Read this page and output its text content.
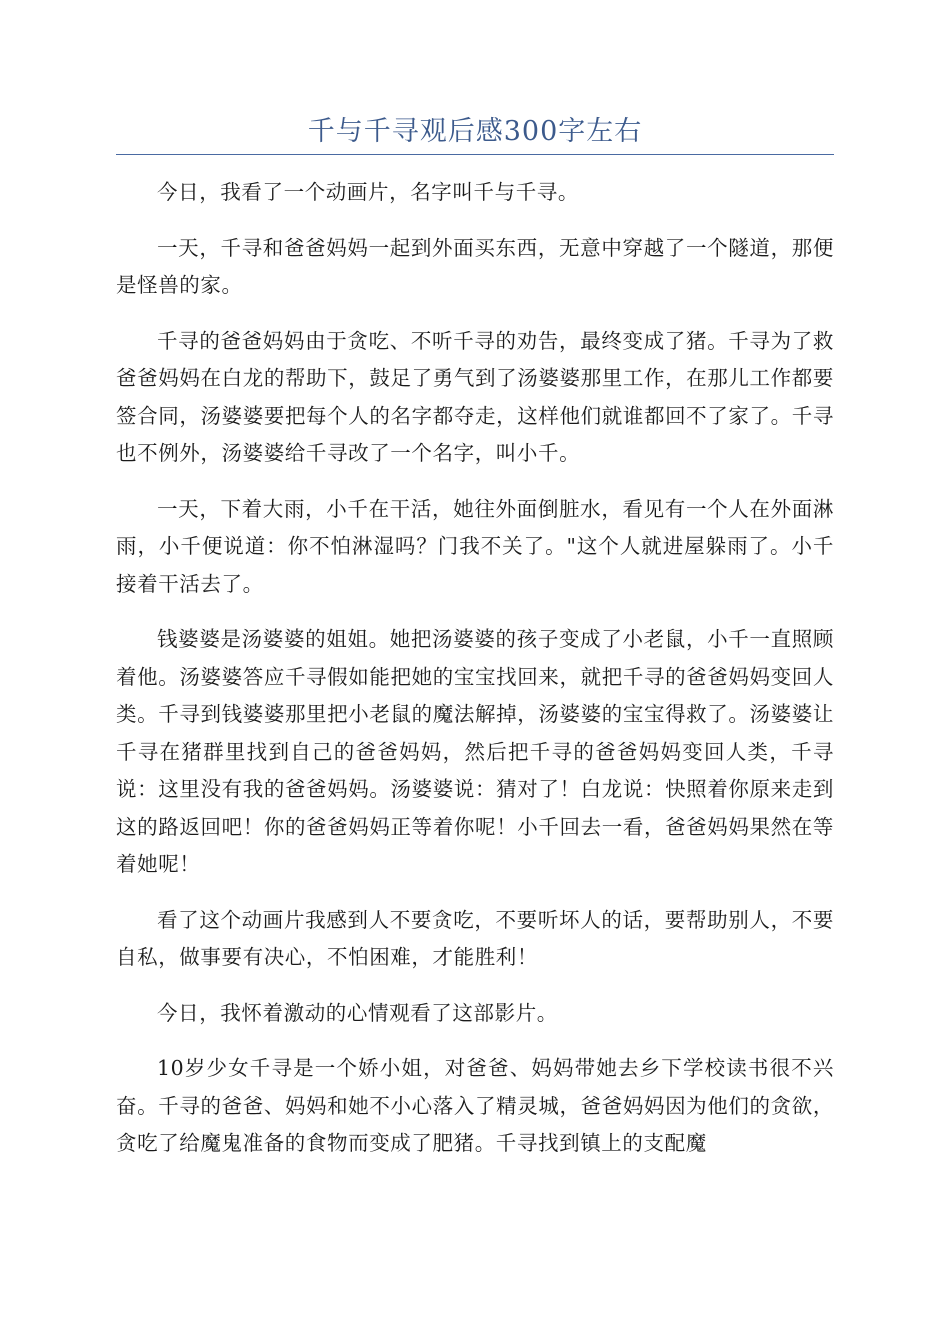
千与千寻观后感300字左右

今日，我看了一个动画片，名字叫千与千寻。

一天，千寻和爸爸妈妈一起到外面买东西，无意中穿越了一个隧道，那便是怪兽的家。

千寻的爸爸妈妈由于贪吃、不听千寻的劝告，最终变成了猪。千寻为了救爸爸妈妈在白龙的帮助下，鼓足了勇气到了汤婆婆那里工作，在那儿工作都要签合同，汤婆婆要把每个人的名字都夺走，这样他们就谁都回不了家了。千寻也不例外，汤婆婆给千寻改了一个名字，叫小千。

一天，下着大雨，小千在干活，她往外面倒脏水，看见有一个人在外面淋雨，小千便说道：你不怕淋湿吗？门我不关了。"这个人就进屋躲雨了。小千接着干活去了。

钱婆婆是汤婆婆的姐姐。她把汤婆婆的孩子变成了小老鼠，小千一直照顾着他。汤婆婆答应千寻假如能把她的宝宝找回来，就把千寻的爸爸妈妈变回人类。千寻到钱婆婆那里把小老鼠的魔法解掉，汤婆婆的宝宝得救了。汤婆婆让千寻在猪群里找到自己的爸爸妈妈，然后把千寻的爸爸妈妈变回人类，千寻说：这里没有我的爸爸妈妈。汤婆婆说：猜对了！白龙说：快照着你原来走到这的路返回吧！你的爸爸妈妈正等着你呢！小千回去一看，爸爸妈妈果然在等着她呢！

看了这个动画片我感到人不要贪吃，不要听坏人的话，要帮助别人，不要自私，做事要有决心，不怕困难，才能胜利！

今日，我怀着激动的心情观看了这部影片。

10岁少女千寻是一个娇小姐，对爸爸、妈妈带她去乡下学校读书很不兴奋。千寻的爸爸、妈妈和她不小心落入了精灵城，爸爸妈妈因为他们的贪欲，贪吃了给魔鬼准备的食物而变成了肥猪。千寻找到镇上的支配魔
